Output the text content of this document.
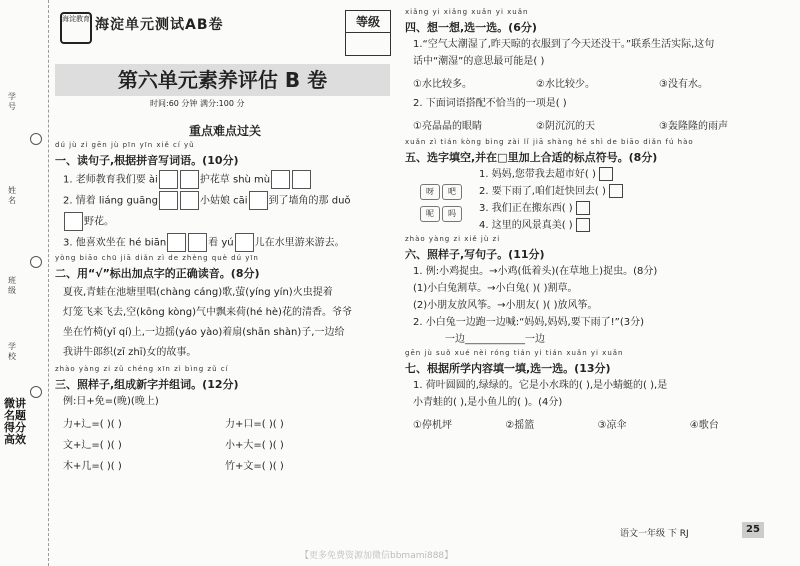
学号
姓名
班级
学校
微讲名题 得分高效
海淀教育 海淀单元测试AB卷	等级
第六单元素养评估 B 卷
时间:60 分钟 满分:100 分
重点难点过关
dú jù zi gēn jù pīn yīn xiě cí yǔ
一、读句子,根据拼音写词语。(10分)
1. 老师教育我们要 ài	护花草 shù mù
2. 情着 liáng guāng	小姑娘 cāi 到了墙角的那 duǒ
野花。
3. 他喜欢坐在 hé biān	看 yú 儿在水里游来游去。
yòng biāo chū jiā diǎn zì de zhèng què dú yīn
二、用“√”标出加点字的正确读音。(8分)
夏夜,青蛙在池塘里唱(chàng cáng)歌,萤(yíng yín)火虫提着
灯笼飞来飞去,空(kōng kòng)气中飘来荷(hé hè)花的清香。爷爷
坐在竹椅(yǐ qí)上,一边摇(yáo yào)着扇(shān shàn)子,一边给
我讲牛郎织(zī zhī)女的故事。
zhào yàng zi zǔ chéng xīn zì bìng zǔ cí
三、照样子,组成新字并组词。(12分)
例:日+免=(晚)(晚上)
力+辶=( )( )	力+口=( )( )
文+辶=( )( )	小+大=( )( )
木+几=( )( )	竹+文=( )( )
xiǎng yi xiǎng xuǎn yi xuǎn
四、想一想,选一选。(6分)
1.“空气太潮湿了,昨天晾的衣服到了今天还没干。”联系生活实际,这句
话中“潮湿”的意思最可能是( )
①水比较多。	②水比较少。	③没有水。
2. 下面词语搭配不恰当的一项是( )
①亮晶晶的眼睛	②阴沉沉的天	③轰隆隆的雨声
xuǎn zì tián kòng bìng zài lǐ jiā shàng hé shì de biāo diǎn fú hào
五、选字填空,并在□里加上合适的标点符号。(8分)
呀 吧
呢 吗
1. 妈妈,您带我去超市好( )
2. 要下雨了,咱们赶快回去( )
3. 我们正在搬东西( )
4. 这里的风景真美( )
zhào yàng zi xiě jù zi
六、照样子,写句子。(11分)
1. 例:小鸡捉虫。→小鸡(低着头)(在草地上)捉虫。(8分)
(1)小白兔割草。→小白兔( )( )割草。
(2)小朋友放风筝。→小朋友( )( )放风筝。
2. 小白兔一边跑一边喊:“妈妈,妈妈,要下雨了!”(3分)
一边____________一边
gēn jù suǒ xué nèi róng tián yi tián xuǎn yi xuǎn
七、根据所学内容填一填,选一选。(13分)
1. 荷叶圆圆的,绿绿的。它是小水珠的( ),是小蜻蜓的( ),是
小青蛙的( ),是小鱼儿的( )。(4分)
①停机坪	②摇篮	③凉伞	④歌台
语文一年级 下 RJ	25
【更多免费资源加微信bbmami888】
